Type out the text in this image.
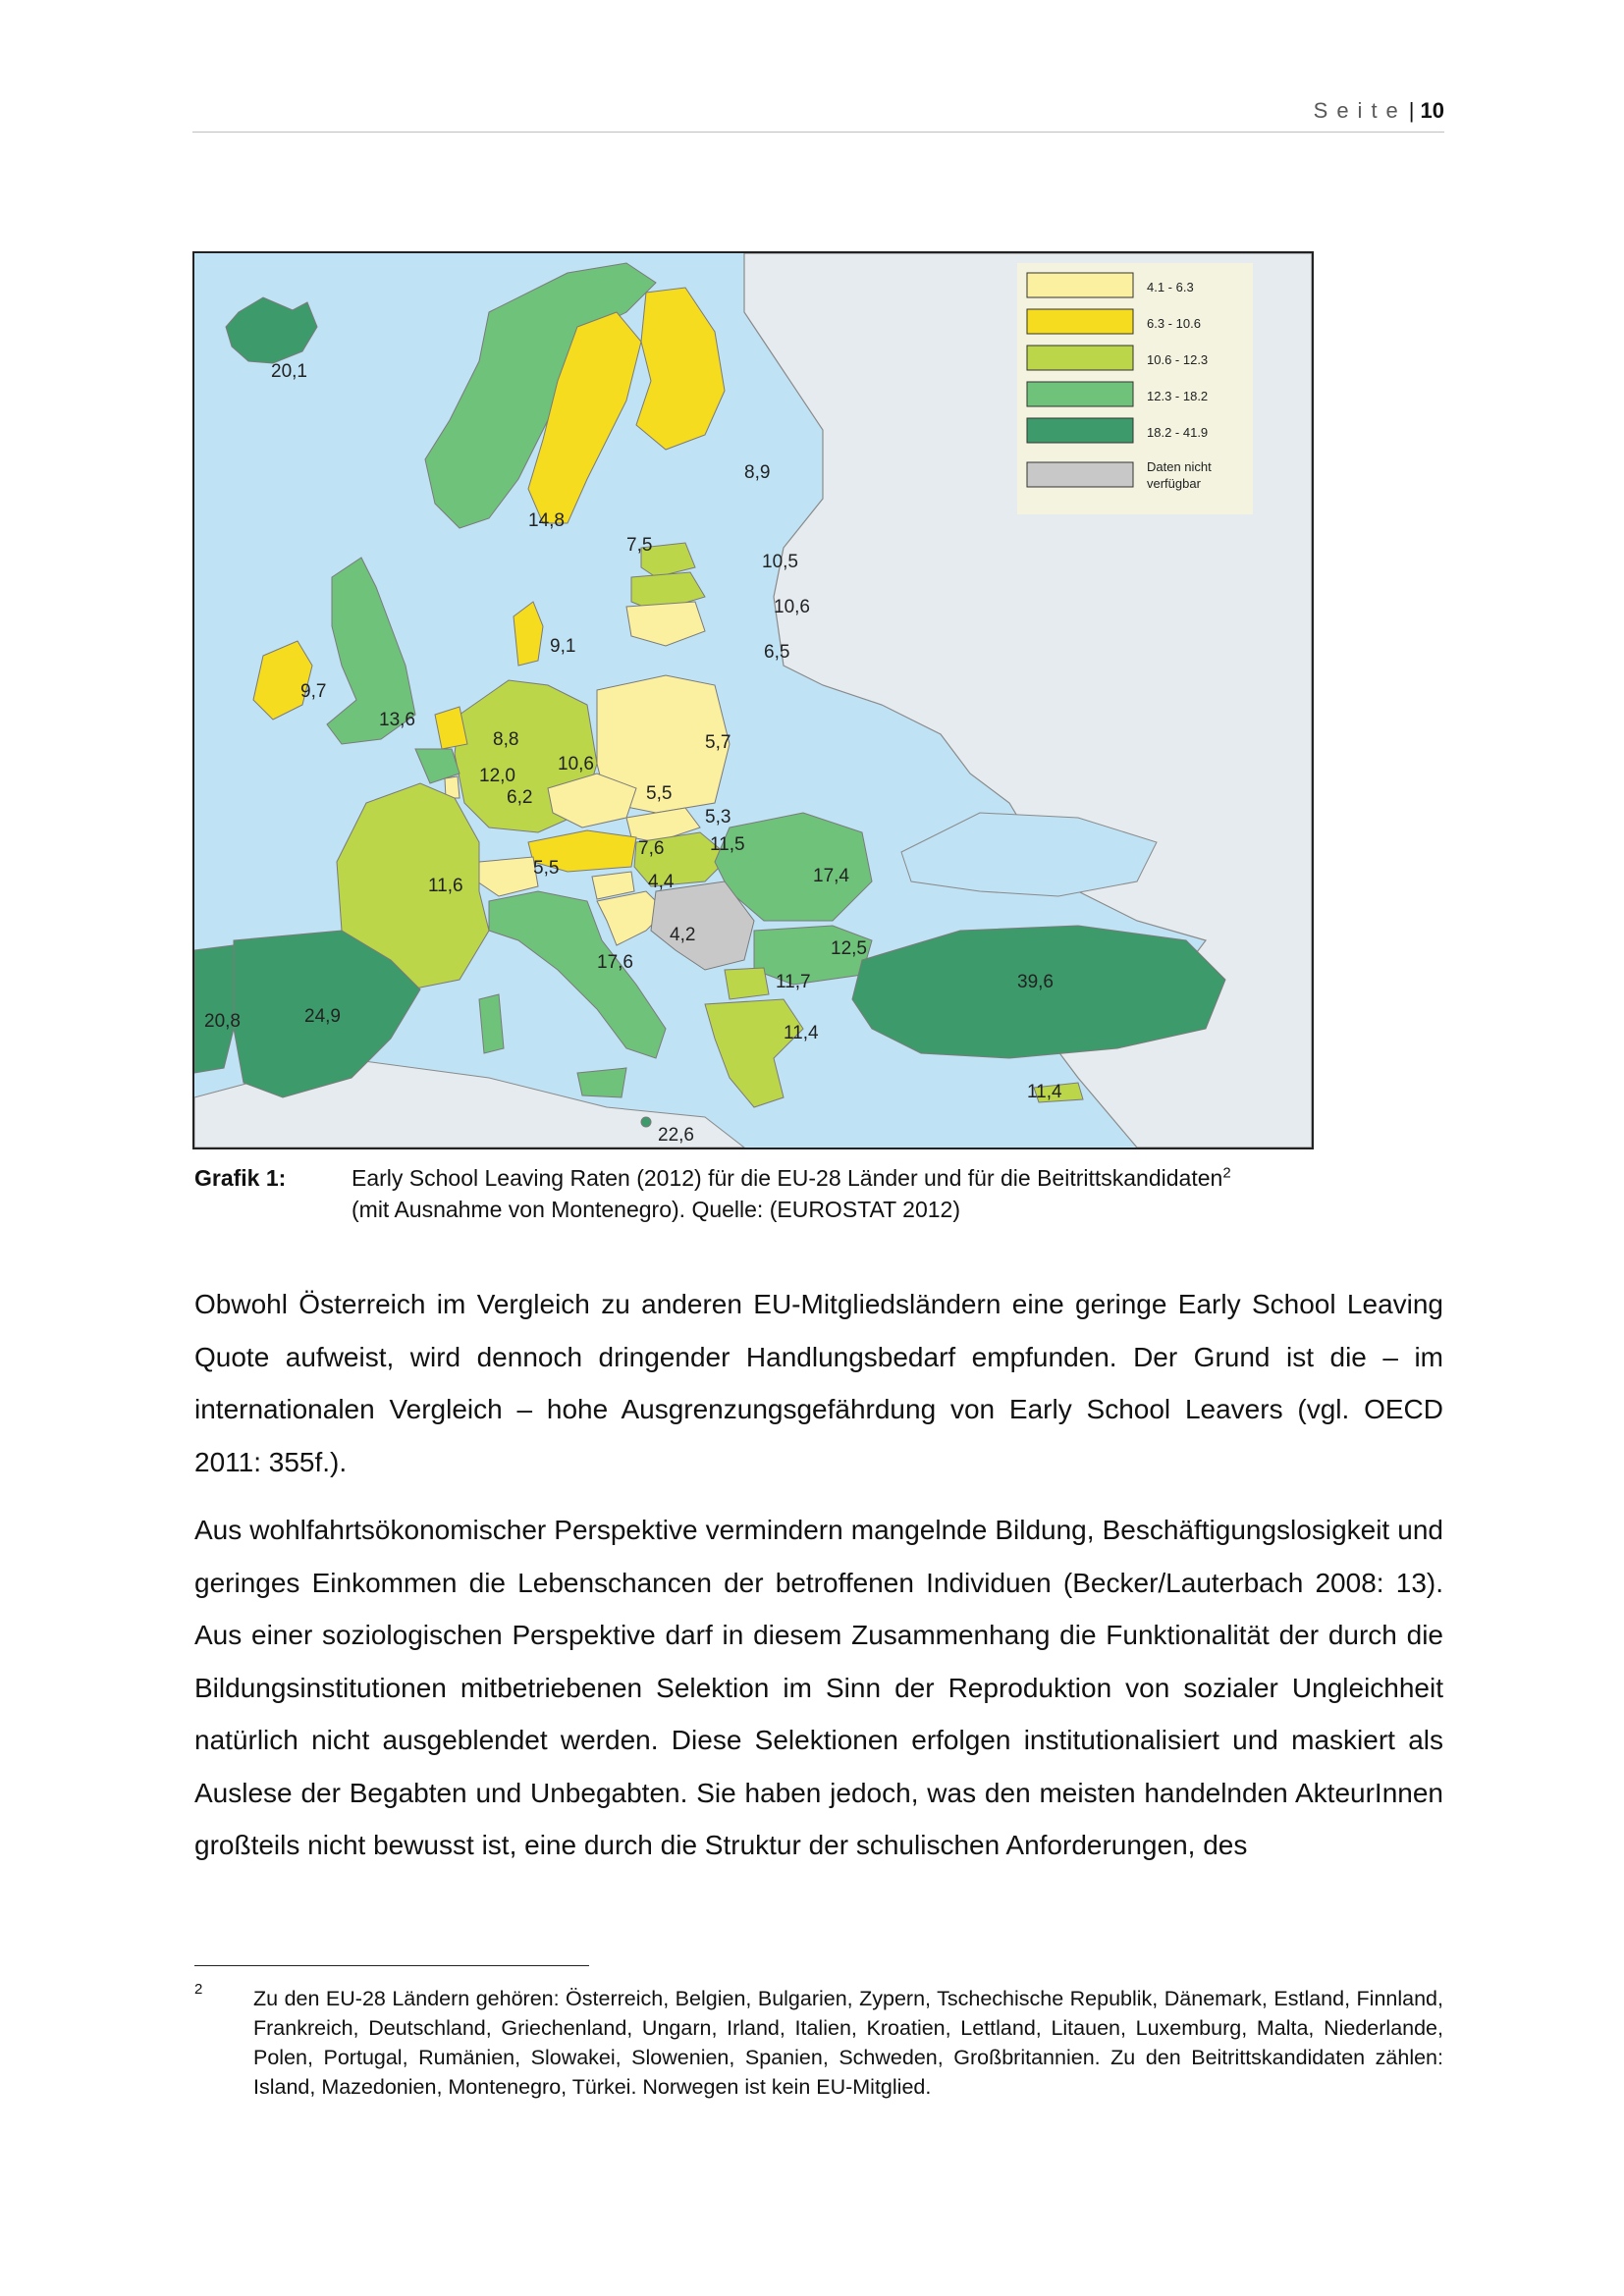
Seite| 10
4.1 - 6.3
6.3 - 10.6
10.6 - 12.3
12.3 - 18.2
18.2 - 41.9
Daten nicht verfügbar
20,1
14,8
7,5
8,9
10,5
10,6
6,5
9,1
9,7
13,6
8,8
12,0
6,2
10,6
5,7
5,5
5,3
7,6 11,5
17,4
5,5
4,4
4,2
12,5
11,7
11,4
39,6
11,4
11,6
17,6
20,8	24,9
22,6
Grafik 1:	Early School Leaving Raten (2012) für die EU-28 Länder und für die Beitrittskandidaten$^2$
(mit Ausnahme von Montenegro). Quelle: (EUROSTAT 2012)

Obwohl Österreich im Vergleich zu anderen EU-Mitgliedsländern eine geringe Early School Leaving Quote aufweist, wird dennoch dringender Handlungsbedarf empfunden. Der Grund ist die – im internationalen Vergleich – hohe Ausgrenzungsgefährdung von Early School Leavers (vgl. OECD 2011: 355f.).

Aus wohlfahrtsökonomischer Perspektive vermindern mangelnde Bildung, Beschäftigungslosigkeit und geringes Einkommen die Lebenschancen der betroffenen Individuen (Becker/Lauterbach 2008: 13). Aus einer soziologischen Perspektive darf in diesem Zusammenhang die Funktionalität der durch die Bildungsinstitutionen mitbetriebenen Selektion im Sinn der Reproduktion von sozialer Ungleichheit natürlich nicht ausgeblendet werden. Diese Selektionen erfolgen institutionalisiert und maskiert als Auslese der Begabten und Unbegabten. Sie haben jedoch, was den meisten handelnden AkteurInnen großteils nicht bewusst ist, eine durch die Struktur der schulischen Anforderungen, des

2 Zu den EU-28 Ländern gehören: Österreich, Belgien, Bulgarien, Zypern, Tschechische Republik, Dänemark, Estland, Finnland, Frankreich, Deutschland, Griechenland, Ungarn, Irland, Italien, Kroatien, Lettland, Litauen, Luxemburg, Malta, Niederlande, Polen, Portugal, Rumänien, Slowakei, Slowenien, Spanien, Schweden, Großbritannien. Zu den Beitrittskandidaten zählen: Island, Mazedonien, Montenegro, Türkei. Norwegen ist kein EU-Mitglied.
